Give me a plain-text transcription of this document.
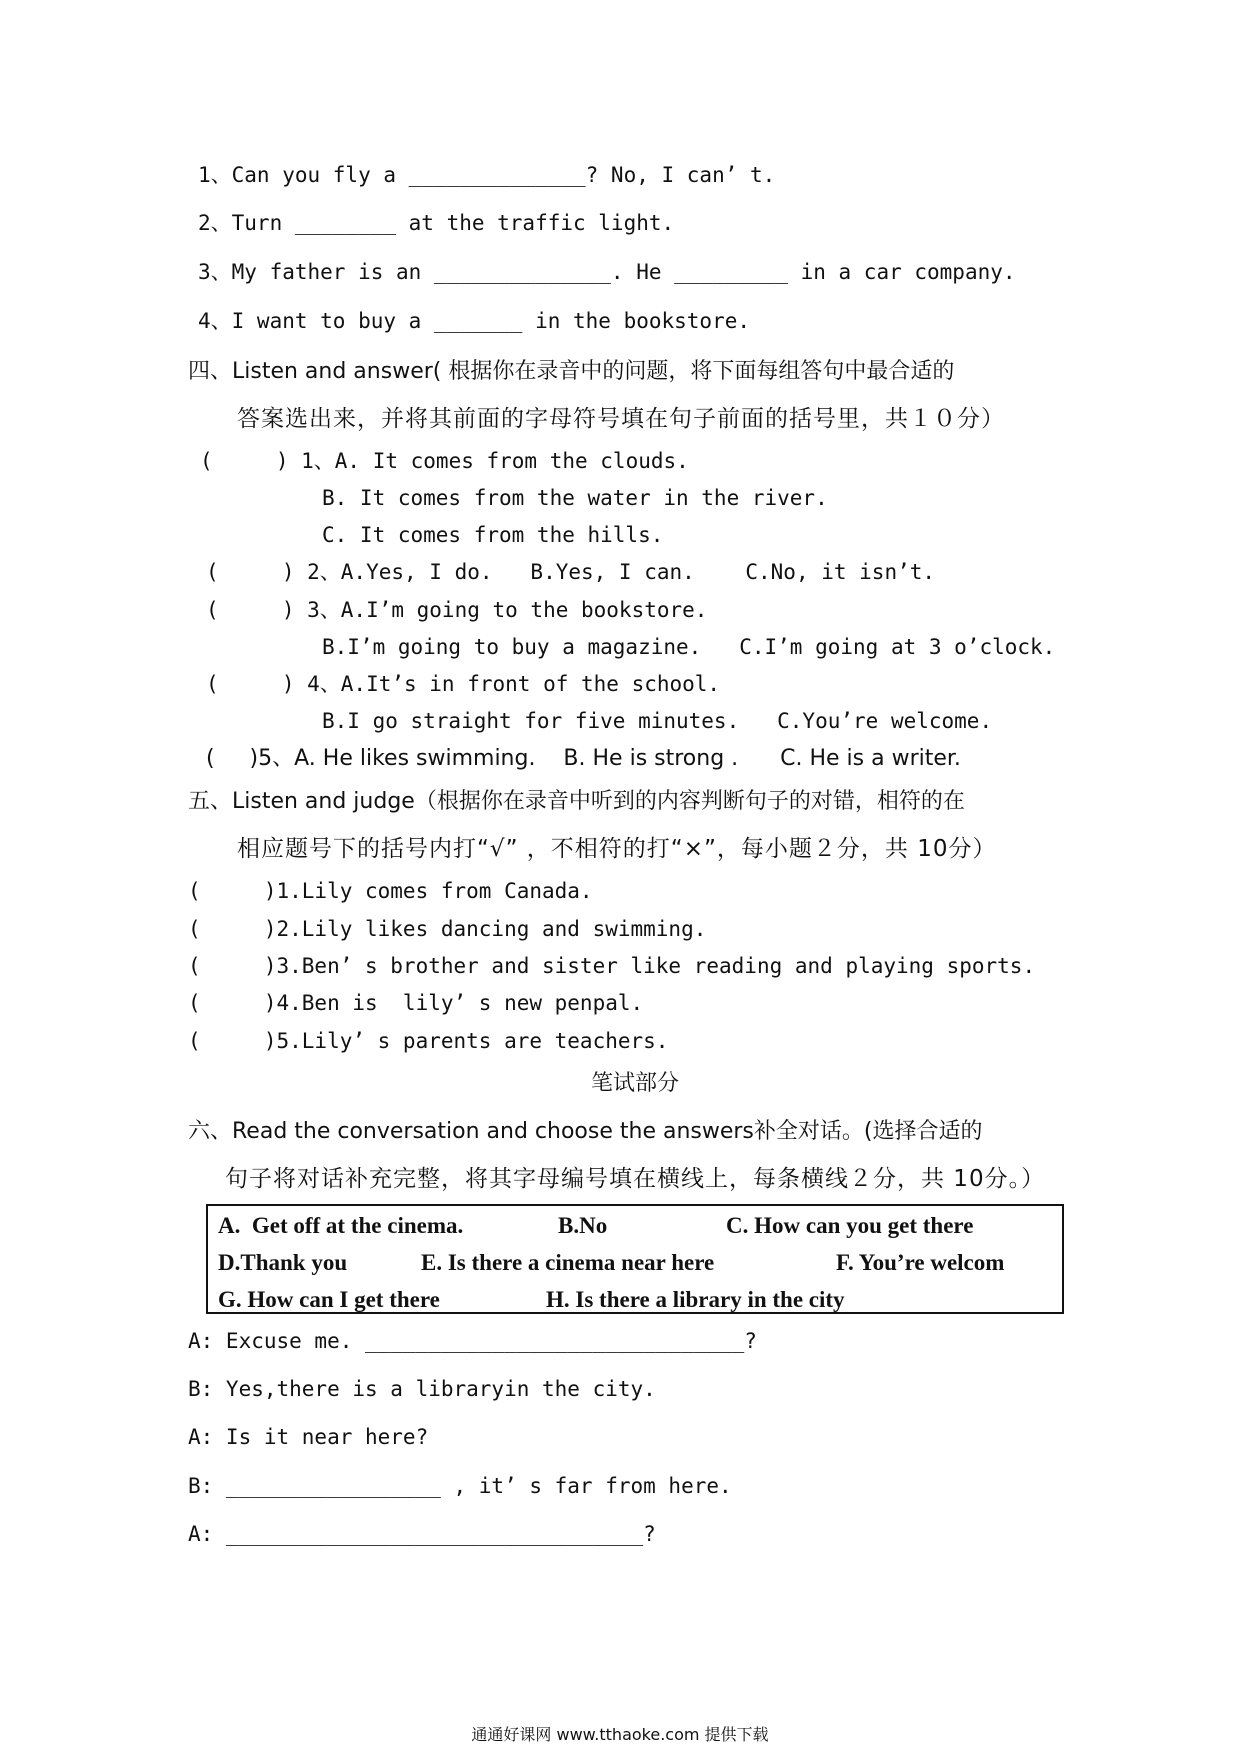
1、Can you fly a ______________? No, I can’ t.
2、Turn ________ at the traffic light.
3、My father is an ______________. He _________ in a car company.
4、I want to buy a _______ in the bookstore.
四、Listen and answer( 根据你在录音中的问题，将下面每组答句中最合适的
答案选出来，并将其前面的字母符号填在句子前面的括号里，共１０分）
(     ) 1、A. It comes from the clouds.
B. It comes from the water in the river.
C. It comes from the hills.
(     ) 2、A.Yes, I do.   B.Yes, I can.    C.No, it isn’t.
(     ) 3、A.I’m going to the bookstore.
B.I’m going to buy a magazine.   C.I’m going at 3 o’clock.
(     ) 4、A.It’s in front of the school.
B.I go straight for five minutes.   C.You’re welcome.
(     )5、A. He likes swimming.    B. He is strong .      C. He is a writer.
五、Listen and judge（根据你在录音中听到的内容判断句子的对错，相符的在
相应题号下的括号内打“√” ，不相符的打“×”，每小题２分，共 10分）
(     )1.Lily comes from Canada.
(     )2.Lily likes dancing and swimming.
(     )3.Ben’ s brother and sister like reading and playing sports.
(     )4.Ben is  lily’ s new penpal.
(     )5.Lily’ s parents are teachers.
笔试部分
六、Read the conversation and choose the answers补全对话。(选择合适的
句子将对话补充完整，将其字母编号填在横线上，每条横线２分，共 10分。）
A.  Get off at the cinema.	B.No	C. How can you get there
D.Thank you	E. Is there a cinema near here	F. You’re welcom
G. How can I get there	H. Is there a library in the city
A: Excuse me. ______________________________?
B: Yes,there is a libraryin the city.
A: Is it near here?
B: _________________ , it’ s far from here.
A: _________________________________?
通通好课网 www.tthaoke.com 提供下载
